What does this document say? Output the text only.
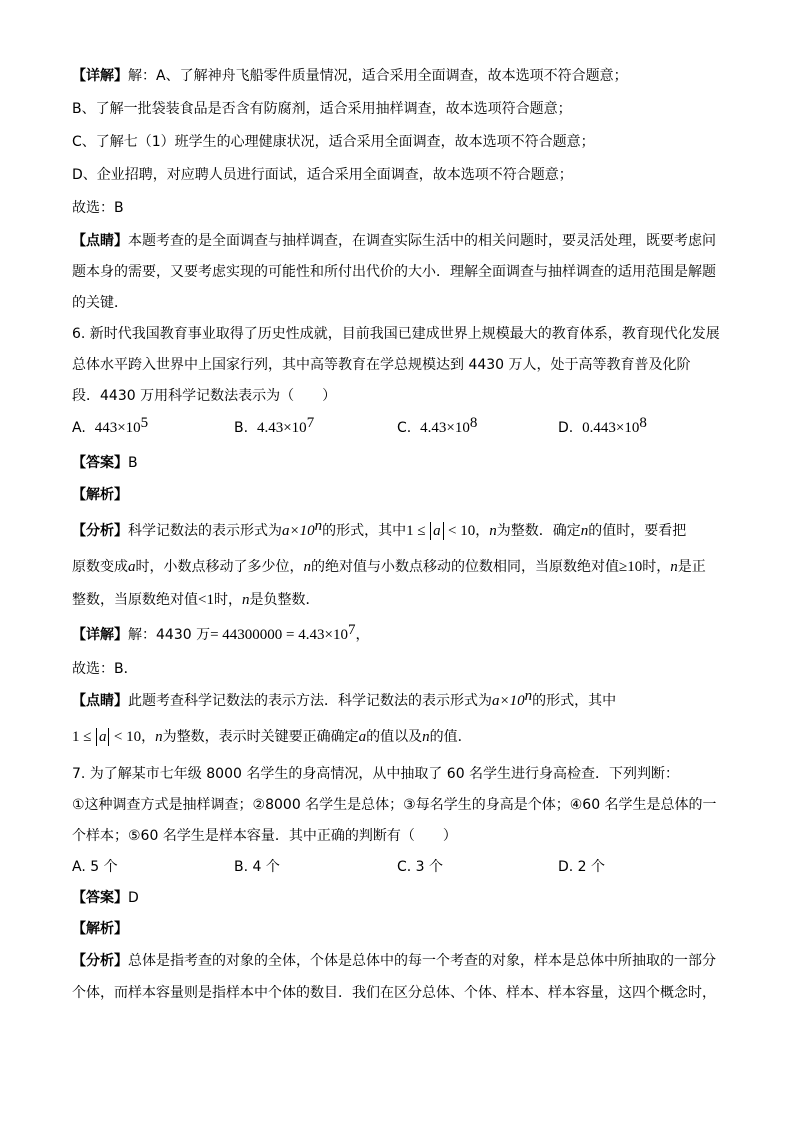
【详解】解：A、了解神舟飞船零件质量情况，适合采用全面调查，故本选项不符合题意；
B、了解一批袋装食品是否含有防腐剂，适合采用抽样调查，故本选项符合题意；
C、了解七（1）班学生的心理健康状况，适合采用全面调查，故本选项不符合题意；
D、企业招聘，对应聘人员进行面试，适合采用全面调查，故本选项不符合题意；
故选：B
【点睛】本题考查的是全面调查与抽样调查，在调查实际生活中的相关问题时，要灵活处理，既要考虑问
题本身的需要，又要考虑实现的可能性和所付出代价的大小．理解全面调查与抽样调查的适用范围是解题
的关键．
6. 新时代我国教育事业取得了历史性成就，目前我国已建成世界上规模最大的教育体系，教育现代化发展
总体水平跨入世界中上国家行列，其中高等教育在学总规模达到 4430 万人，处于高等教育普及化阶
段．4430 万用科学记数法表示为（　　）
A. $443\times 10^5$	B. $4.43\times 10^7$	C. $4.43\times 10^8$	D. $0.443\times 10^8$
【答案】B
【解析】
【分析】科学记数法的表示形式为$a\times 10^n$的形式，其中1 ≤ a < 10，n为整数．确定n的值时，要看把
原数变成a时，小数点移动了多少位，n的绝对值与小数点移动的位数相同，当原数绝对值≥10时，n是正
整数，当原数绝对值<1时，n是负整数．
【详解】解：4430 万= $44300000 = 4.43\times 10^7$，
故选：B．
【点睛】此题考查科学记数法的表示方法．科学记数法的表示形式为$a\times 10^n$的形式，其中
1 ≤ a < 10，n为整数，表示时关键要正确确定a的值以及n的值．
7. 为了解某市七年级 8000 名学生的身高情况，从中抽取了 60 名学生进行身高检查．下列判断：
①这种调查方式是抽样调查；②8000 名学生是总体；③每名学生的身高是个体；④60 名学生是总体的一
个样本；⑤60 名学生是样本容量．其中正确的判断有（　　）
A. 5 个	B. 4 个	C. 3 个	D. 2 个
【答案】D
【解析】
【分析】总体是指考查的对象的全体，个体是总体中的每一个考查的对象，样本是总体中所抽取的一部分
个体，而样本容量则是指样本中个体的数目．我们在区分总体、个体、样本、样本容量，这四个概念时，
